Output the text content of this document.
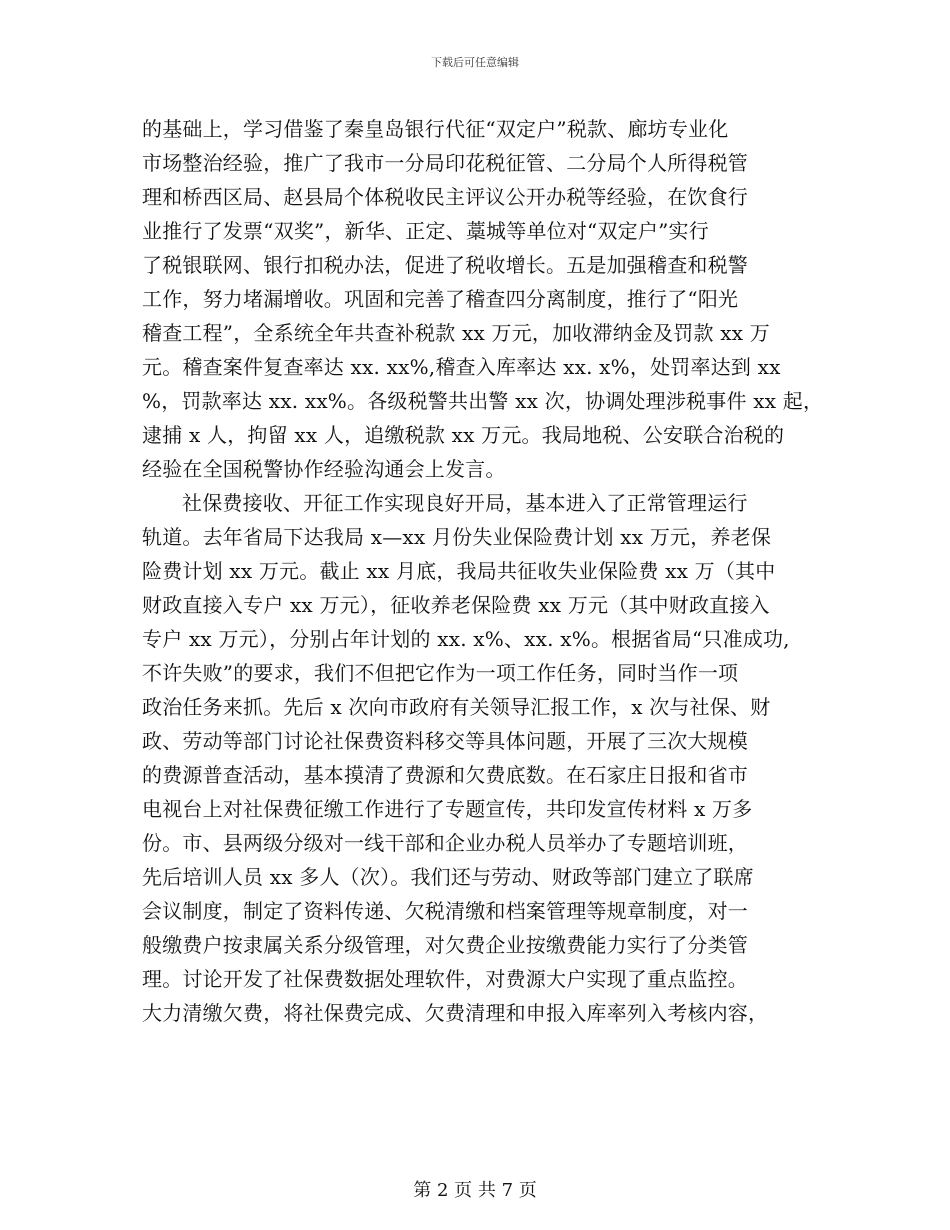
下载后可任意编辑
的基础上，学习借鉴了秦皇岛银行代征“双定户”税款、廊坊专业化
市场整治经验，推广了我市一分局印花税征管、二分局个人所得税管
理和桥西区局、赵县局个体税收民主评议公开办税等经验，在饮食行
业推行了发票“双奖”，新华、正定、藁城等单位对“双定户”实行
了税银联网、银行扣税办法，促进了税收增长。五是加强稽查和税警
工作，努力堵漏增收。巩固和完善了稽查四分离制度，推行了“阳光
稽查工程”，全系统全年共查补税款 xx 万元，加收滞纳金及罚款 xx 万
元。稽查案件复查率达 xx. xx%,稽查入库率达 xx. x%，处罚率达到 xx
%，罚款率达 xx. xx%。各级税警共出警 xx 次，协调处理涉税事件 xx 起，
逮捕 x 人，拘留 xx 人，追缴税款 xx 万元。我局地税、公安联合治税的
经验在全国税警协作经验沟通会上发言。
社保费接收、开征工作实现良好开局，基本进入了正常管理运行
轨道。去年省局下达我局 x—xx 月份失业保险费计划 xx 万元，养老保
险费计划 xx 万元。截止 xx 月底，我局共征收失业保险费 xx 万（其中
财政直接入专户 xx 万元），征收养老保险费 xx 万元（其中财政直接入
专户 xx 万元），分别占年计划的 xx. x%、xx. x%。根据省局“只准成功,
不许失败”的要求，我们不但把它作为一项工作任务，同时当作一项
政治任务来抓。先后 x 次向市政府有关领导汇报工作，x 次与社保、财
政、劳动等部门讨论社保费资料移交等具体问题，开展了三次大规模
的费源普查活动，基本摸清了费源和欠费底数。在石家庄日报和省市
电视台上对社保费征缴工作进行了专题宣传，共印发宣传材料 x 万多
份。市、县两级分级对一线干部和企业办税人员举办了专题培训班，
先后培训人员 xx 多人（次）。我们还与劳动、财政等部门建立了联席
会议制度，制定了资料传递、欠税清缴和档案管理等规章制度，对一
般缴费户按隶属关系分级管理，对欠费企业按缴费能力实行了分类管
理。讨论开发了社保费数据处理软件，对费源大户实现了重点监控。
大力清缴欠费，将社保费完成、欠费清理和申报入库率列入考核内容，
第 2 页 共 7 页
